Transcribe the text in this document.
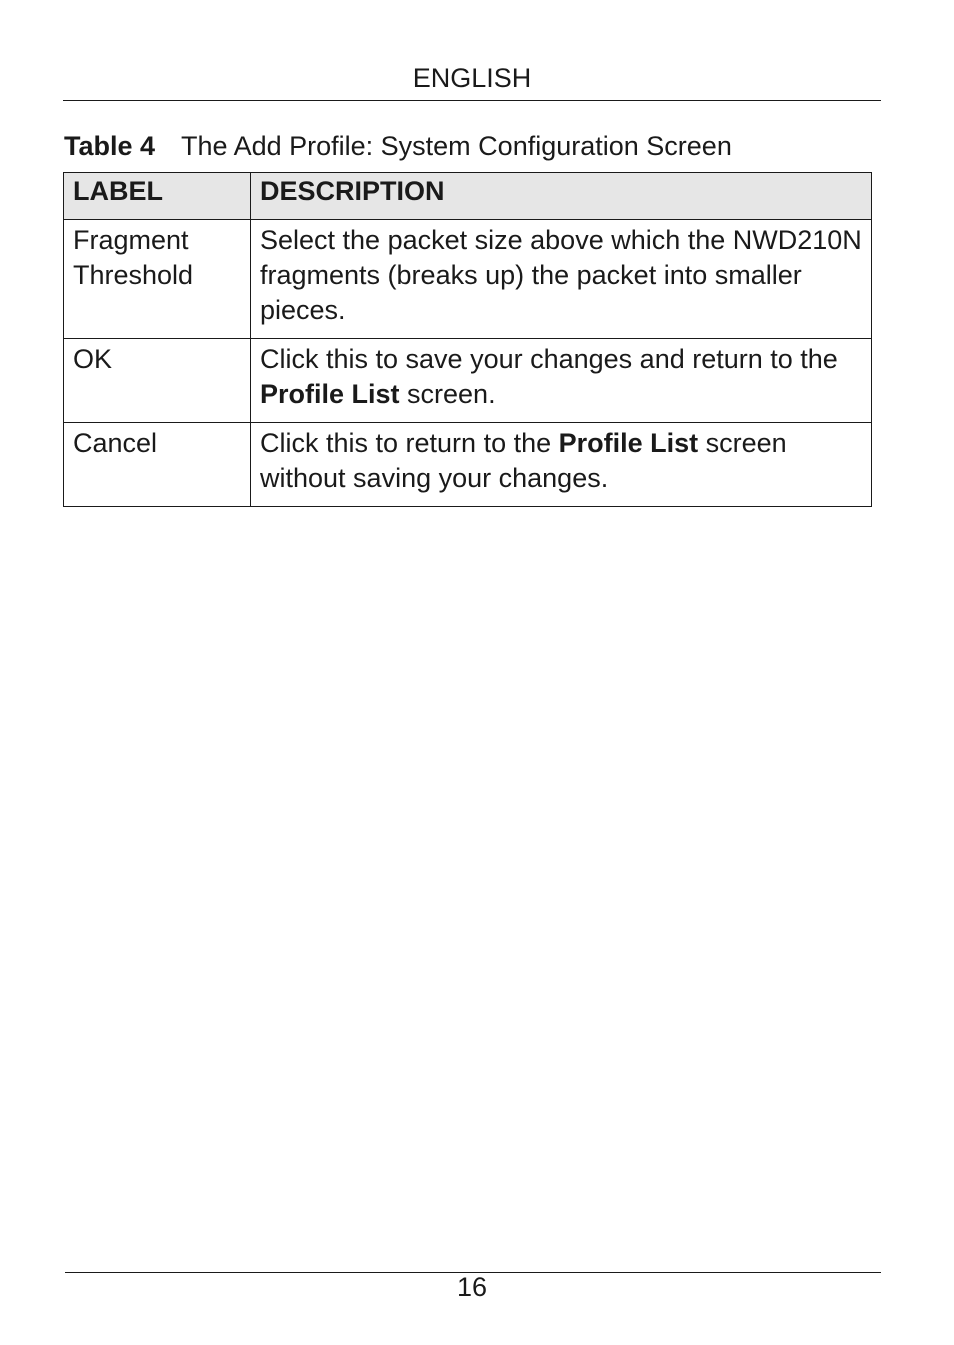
ENGLISH
Table 4 The Add Profile: System Configuration Screen
LABEL	DESCRIPTION
Fragment Threshold	Select the packet size above which the NWD210N fragments (breaks up) the packet into smaller pieces.
OK	Click this to save your changes and return to the Profile List screen.
Cancel	Click this to return to the Profile List screen without saving your changes.
16
